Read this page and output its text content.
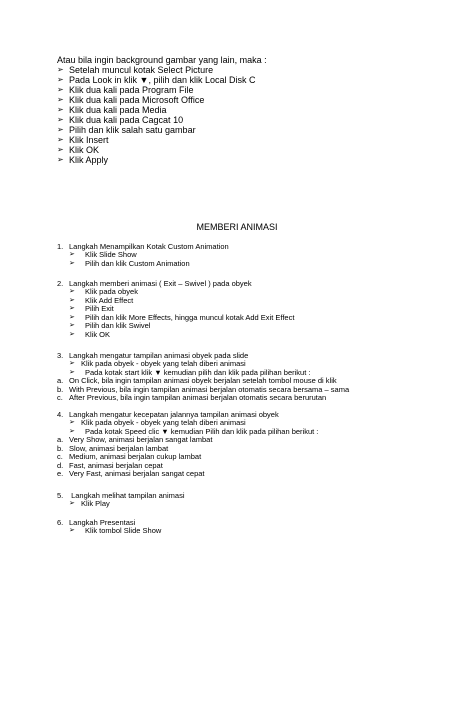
Atau bila ingin background gambar yang lain, maka :
➢ Setelah muncul kotak Select Picture
➢ Pada Look in klik ▼, pilih dan klik Local Disk C
➢ Klik dua kali pada Program File
➢ Klik dua kali pada Microsoft Office
➢ Klik dua kali pada Media
➢ Klik dua kali pada Cagcat 10
➢ Pilih dan klik salah satu gambar
➢ Klik Insert
➢ Klik OK
➢ Klik Apply
MEMBERI ANIMASI
1. Langkah Menampilkan Kotak Custom Animation
➢ Klik Slide Show
➢ Pilih dan klik Custom Animation
2. Langkah memberi animasi ( Exit – Swivel ) pada obyek
➢ Klik pada obyek
➢ Klik Add Effect
➢ Pilih Exit
➢ Pilih dan klik More Effects, hingga muncul kotak Add Exit Effect
➢ Pilih dan klik Swivel
➢ Klik OK
3. Langkah mengatur tampilan animasi obyek pada slide
➢ Klik pada obyek - obyek yang telah diberi animasi
➢ Pada kotak start klik ▼ kemudian pilih dan klik pada pilihan berikut :
a. On Click, bila ingin tampilan animasi obyek berjalan setelah tombol mouse di klik
b. With Previous, bila ingin tampilan animasi berjalan otomatis secara bersama – sama
c. After Previous, bila ingin tampilan animasi berjalan otomatis secara berurutan
4. Langkah mengatur kecepatan jalannya tampilan animasi obyek
➢ Klik pada obyek - obyek yang telah diberi animasi
➢ Pada kotak Speed clic ▼ kemudian Pilih dan klik pada pilihan berikut :
a. Very Show, animasi berjalan sangat lambat
b. Slow, animasi berjalan lambat
c. Medium, animasi berjalan cukup lambat
d. Fast, animasi berjalan cepat
e. Very Fast, animasi berjalan sangat cepat
5. Langkah melihat tampilan animasi
➢ Klik Play
6. Langkah Presentasi
➢ Klik tombol Slide Show
